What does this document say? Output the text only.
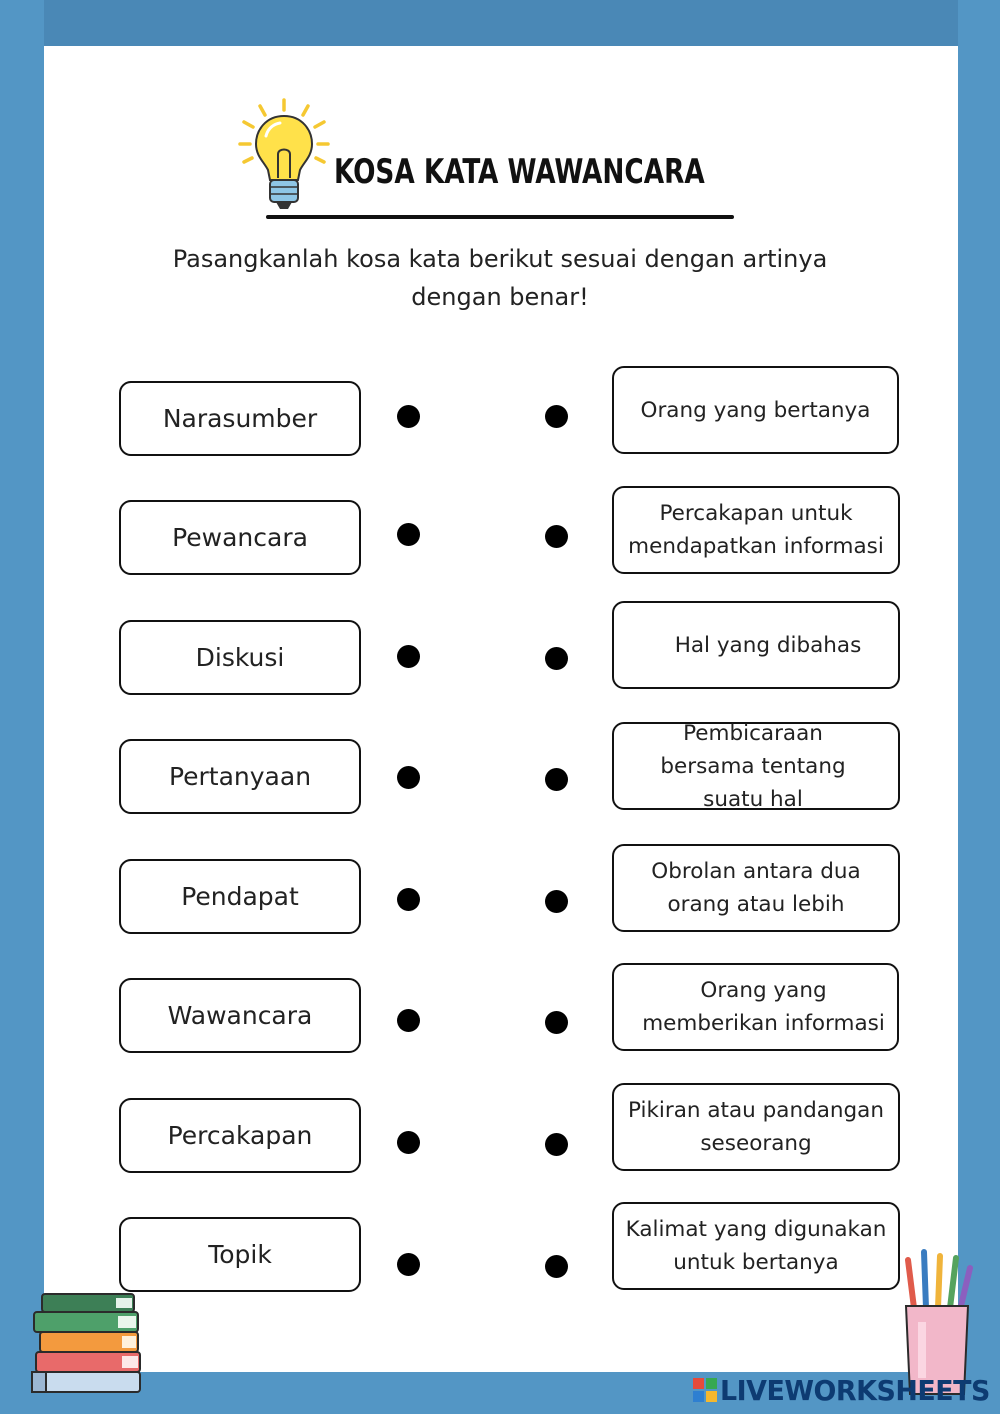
KOSA KATA WAWANCARA

Pasangkanlah kosa kata berikut sesuai dengan artinya dengan benar!

Narasumber
Pewancara
Diskusi
Pertanyaan
Pendapat
Wawancara
Percakapan
Topik
Orang yang bertanya
Percakapan untuk mendapatkan informasi
Hal yang dibahas
Pembicaraan bersama tentang suatu hal
Obrolan antara dua orang atau lebih
Orang yang memberikan informasi
Pikiran atau pandangan seseorang
Kalimat yang digunakan untuk bertanya
LIVEWORKSHEETS
